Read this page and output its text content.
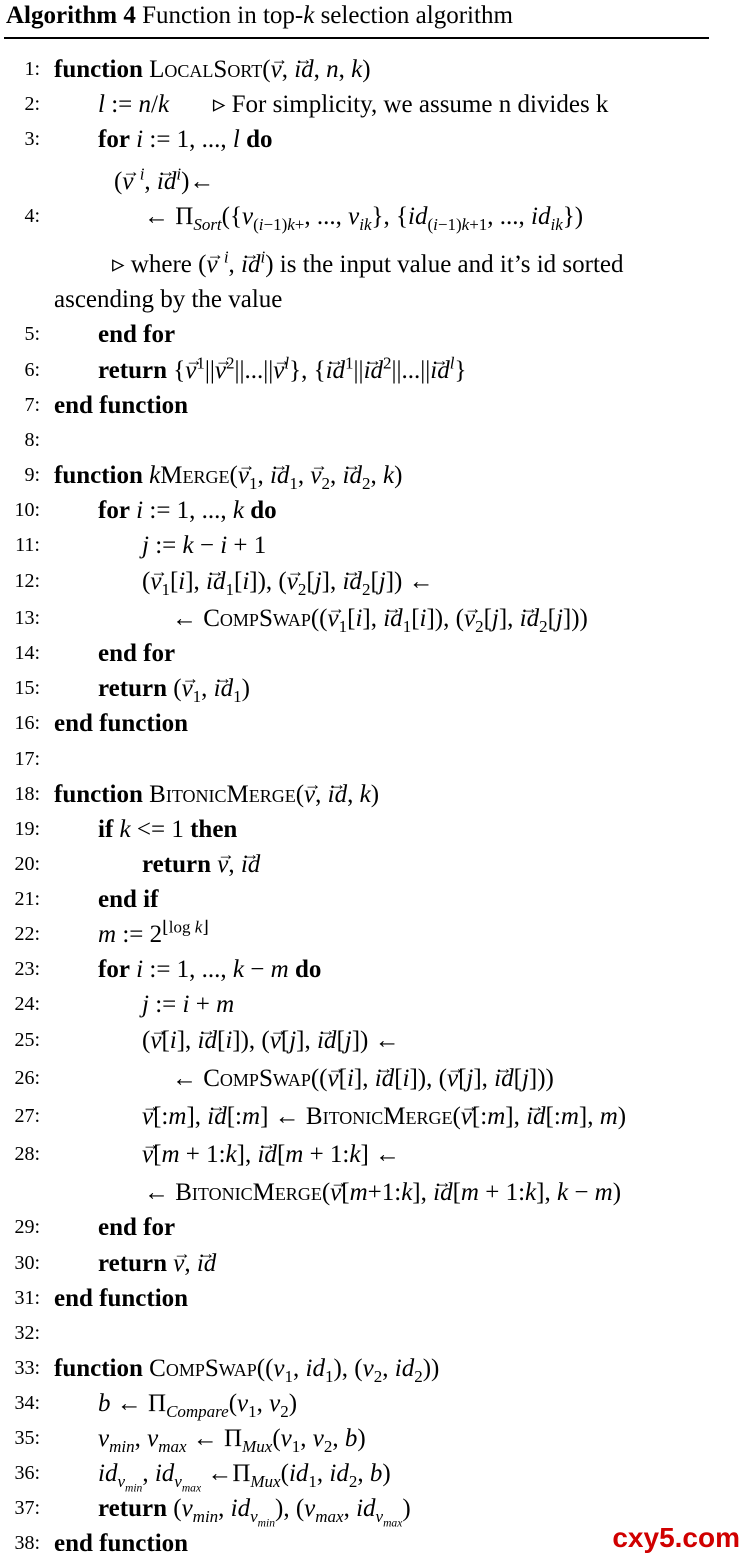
Algorithm 4 Function in top-k selection algorithm
1: function LocalSort(→ v, → id, n, k)
2: l := n/k       ▹ For simplicity, we assume n divides k
3: for i := 1, ..., l do
(→ v $^i$, → $id^i)\leftarrow$
4:	← $\Pi_{Sort}(\{v_{(i-1)k+}$, ..., $v_{ik}$}, {$id_{(i-1)k+1}$, ..., $id_{ik}$})
▹ where (→ v $^i$, → $id^i$) is the input value and it’s id sorted
ascending by the value
5: end for
6: return {→ $v^1||\to v^2||...||\to v^l$}, {→ $id^1||\to id^2||...||\to id^l$}
7: end function
8:
9: function kMerge(→ $v_1$, → $id_1$, → $v_2$, → $id_2$, k)
10: for i := 1, ..., k do
11:	j := k − i + 1
12:	(→ $v_1[i]$, → $id_1[i]$), (→ $v_2[j]$, → $id_2[j]$) ←
13:	← CompSwap((→ $v_1[i]$, → $id_1[i]$), (→ $v_2[j]$, → $id_2[j]$))
14: end for
15: return (→ $v_1$, → $id_1$)
16: end function
17:
18: function BitonicMerge(→ v, → id, k)
19: if k <= 1 then
20:	return → v, → id
21: end if
22: m := $2^{⌊log k⌋}$
23: for i := 1, ..., k − m do
24:	j := i + m
25:	(→ v[i], → id[i]), (→ v[j], → id[j]) ←
26:	← CompSwap((→ v[i], → id[i]), (→ v[j], → id[j]))
27:	→ v[:m], → id[:m] ← BitonicMerge(→ v[:m], → id[:m], m)
28:	→ v[m + 1:k], → id[m + 1:k] ←
← BitonicMerge(→ v[m+1:k], → id[m + 1:k], k − m)
29: end for
30: return → v, → id
31: end function
32:
33: function $CompSwap((v_1$, $id_1$), ($v_2$, $id_2$))
34: b ← $\Pi_{Compare}(v_1$, $v_2$)
35: $v_{min}$, $v_{max}$ ← $\Pi_{Mux}(v_1$, $v_2$, b)
36: $id_{v_{min}}$, $id_{v_{max}}$ $\leftarrow\Pi_{Mux}(id_1$, $id_2$, b)
37: return ($v_{min}$, $id_{v_{min}}$), ($v_{max}$, $id_{v_{max}}$)
38: end function	cxy5.com
